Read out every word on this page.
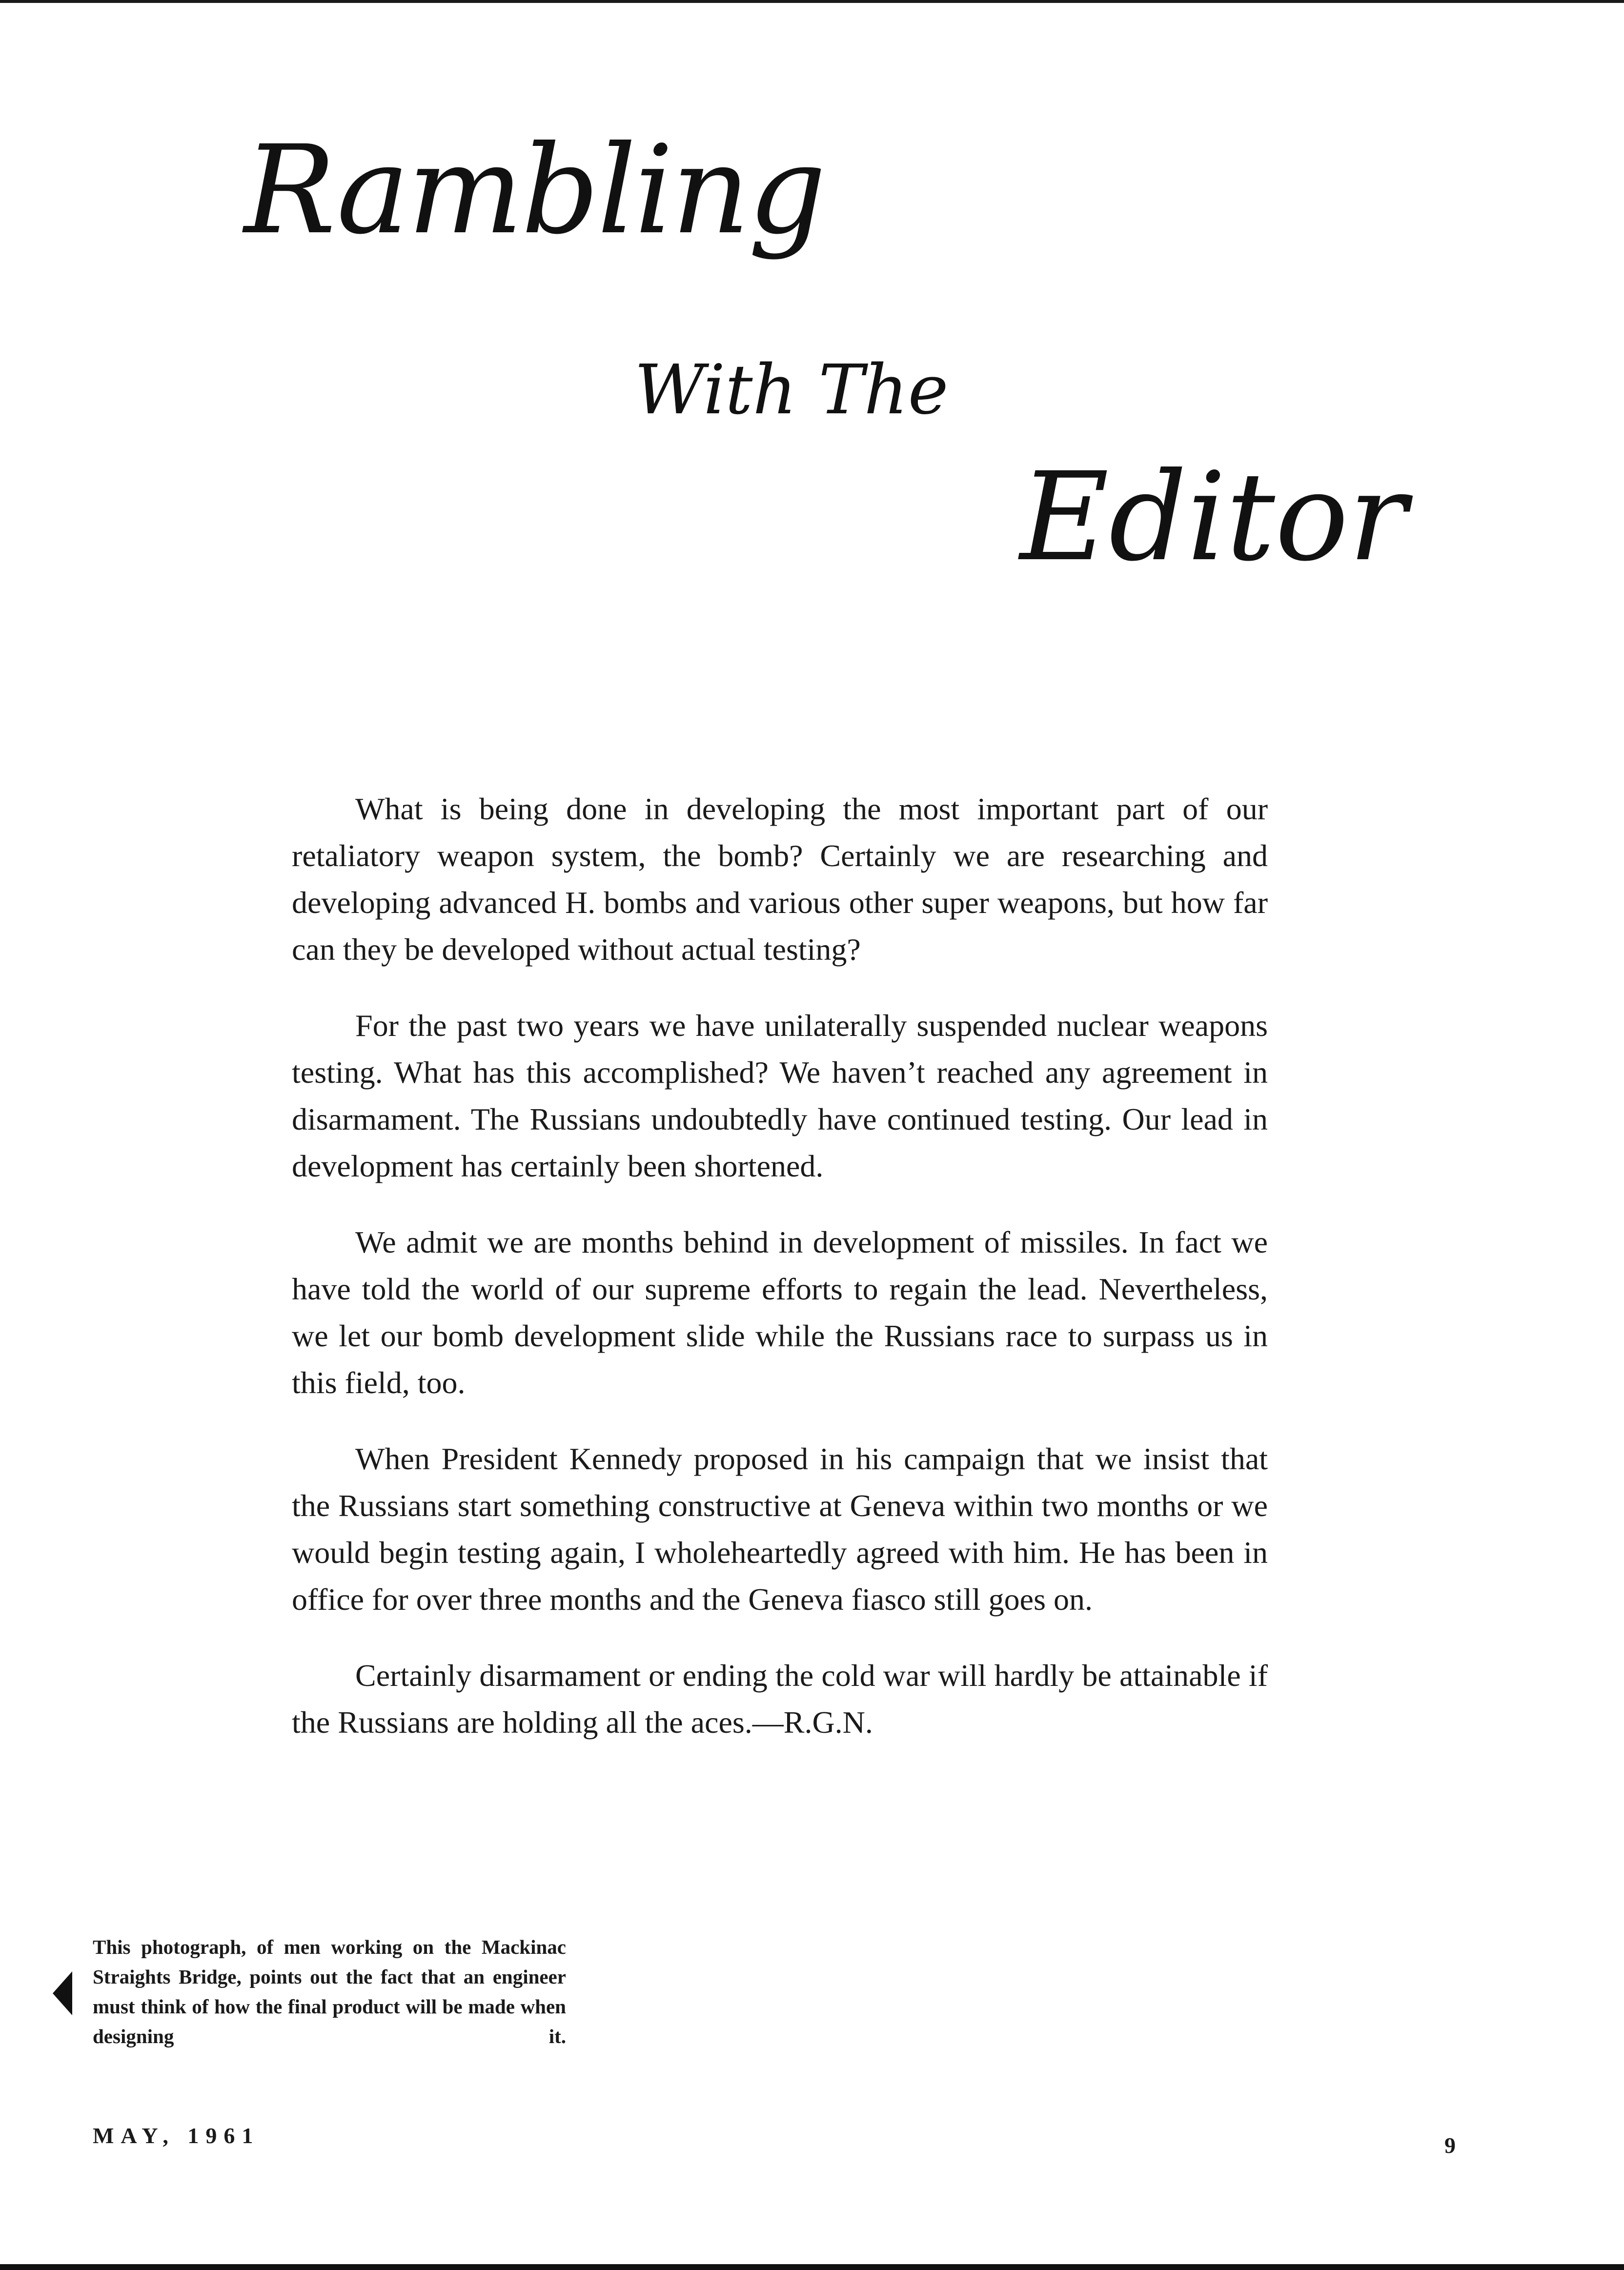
Rambling
With The
Editor

What is being done in developing the most important part of our retaliatory weapon system, the bomb? Certainly we are researching and developing advanced H. bombs and various other super weapons, but how far can they be developed without actual testing?

For the past two years we have unilaterally suspended nuclear weapons testing. What has this accomplished? We haven’t reached any agreement in disarmament. The Russians undoubtedly have continued testing. Our lead in development has certainly been shortened.

We admit we are months behind in development of missiles. In fact we have told the world of our supreme efforts to regain the lead. Nevertheless, we let our bomb development slide while the Russians race to surpass us in this field, too.

When President Kennedy proposed in his campaign that we insist that the Russians start something constructive at Geneva within two months or we would begin testing again, I wholeheartedly agreed with him. He has been in office for over three months and the Geneva fiasco still goes on.

Certainly disarmament or ending the cold war will hardly be attainable if the Russians are holding all the aces.—R.G.N.

This photograph, of men working on the Mackinac Straights Bridge, points out the fact that an engineer must think of how the final product will be made when designing it.
MAY, 1961	9
